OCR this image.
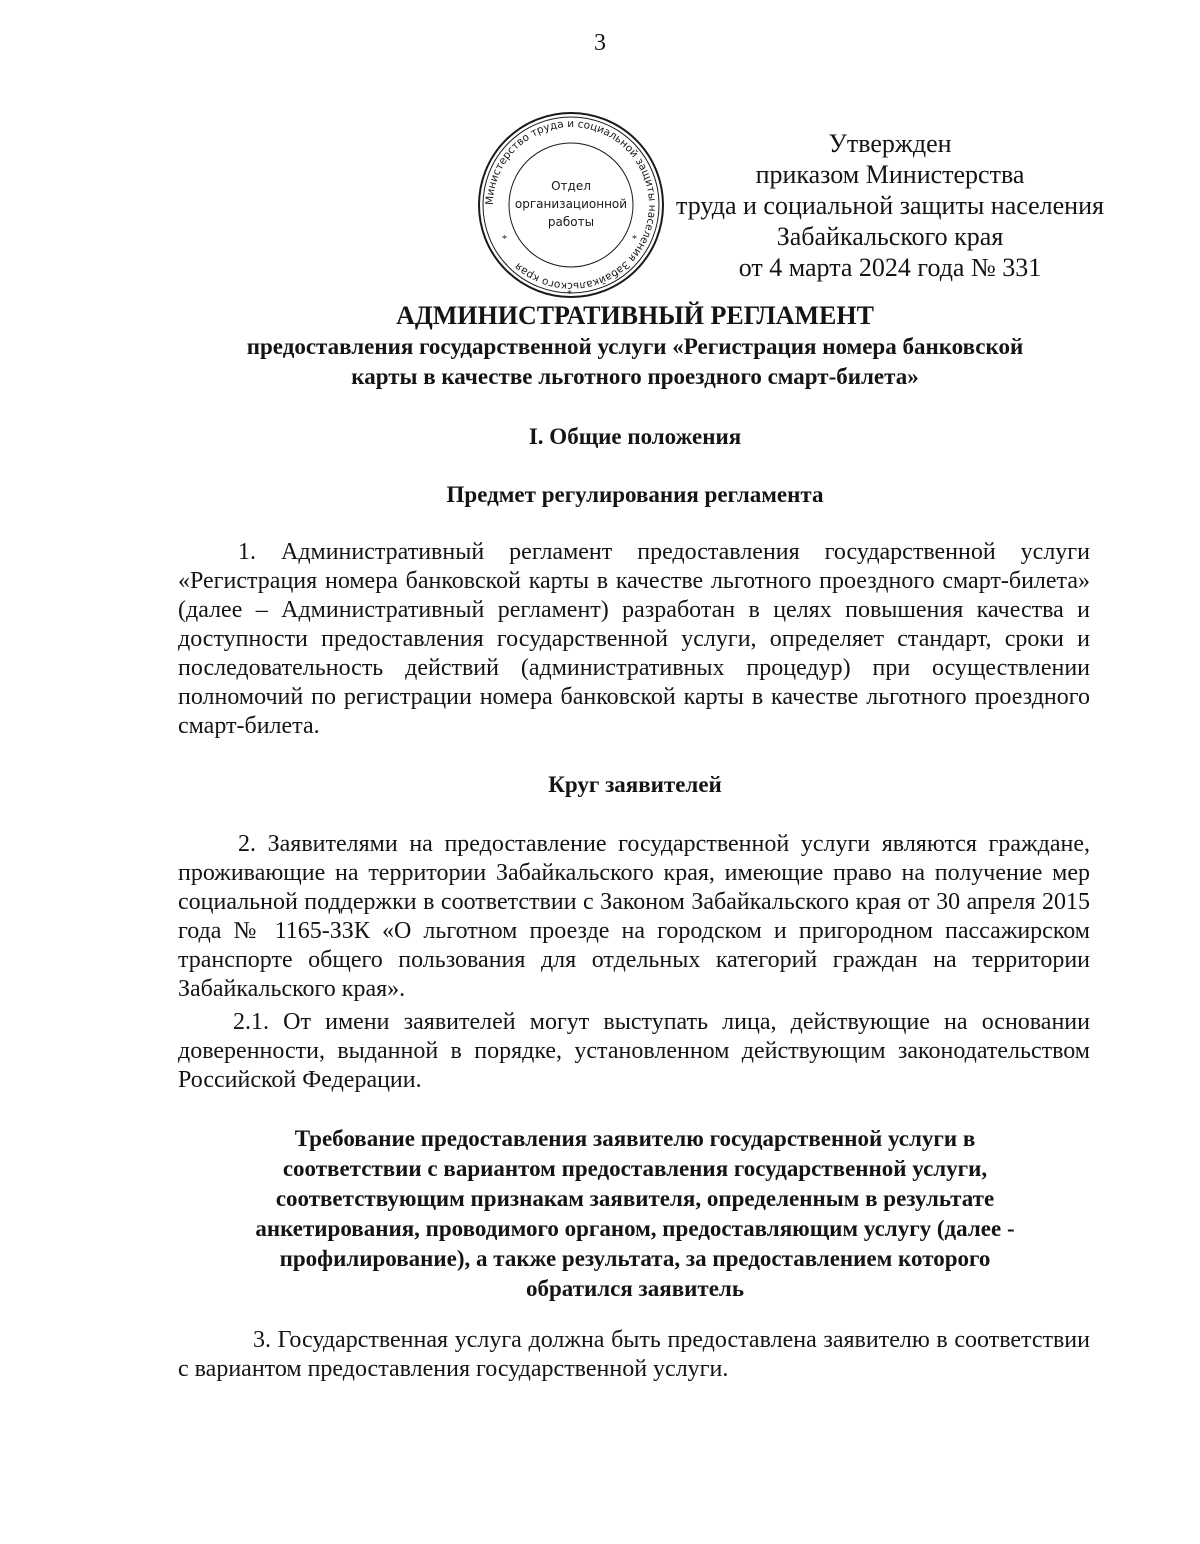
3
Министерство труда и социальной защиты населения Забайкальского края
Отдел
организационной
работы
*	*
*
Утвержден
приказом Министерства
труда и социальной защиты населения
Забайкальского края
от 4 марта 2024 года № 331
АДМИНИСТРАТИВНЫЙ РЕГЛАМЕНТ
предоставления государственной услуги «Регистрация номера банковской
карты в качестве льготного проездного смарт-билета»
I. Общие положения
Предмет регулирования регламента
1. Административный регламент предоставления государственной услуги «Регистрация номера банковской карты в качестве льготного проездного смарт-билета» (далее – Административный регламент) разработан в целях повышения качества и доступности предоставления государственной услуги, определяет стандарт, сроки и последовательность действий (административных процедур) при осуществлении полномочий по регистрации номера банковской карты в качестве льготного проездного смарт-билета.
Круг заявителей
2. Заявителями на предоставление государственной услуги являются граждане, проживающие на территории Забайкальского края, имеющие право на получение мер социальной поддержки в соответствии с Законом Забайкальского края от 30 апреля 2015 года № 1165-ЗЗК «О льготном проезде на городском и пригородном пассажирском транспорте общего пользования для отдельных категорий граждан на территории Забайкальского края».
2.1. От имени заявителей могут выступать лица, действующие на основании доверенности, выданной в порядке, установленном действующим законодательством Российской Федерации.
Требование предоставления заявителю государственной услуги в
соответствии с вариантом предоставления государственной услуги,
соответствующим признакам заявителя, определенным в результате
анкетирования, проводимого органом, предоставляющим услугу (далее -
профилирование), а также результата, за предоставлением которого
обратился заявитель
3. Государственная услуга должна быть предоставлена заявителю в соответствии с вариантом предоставления государственной услуги.
